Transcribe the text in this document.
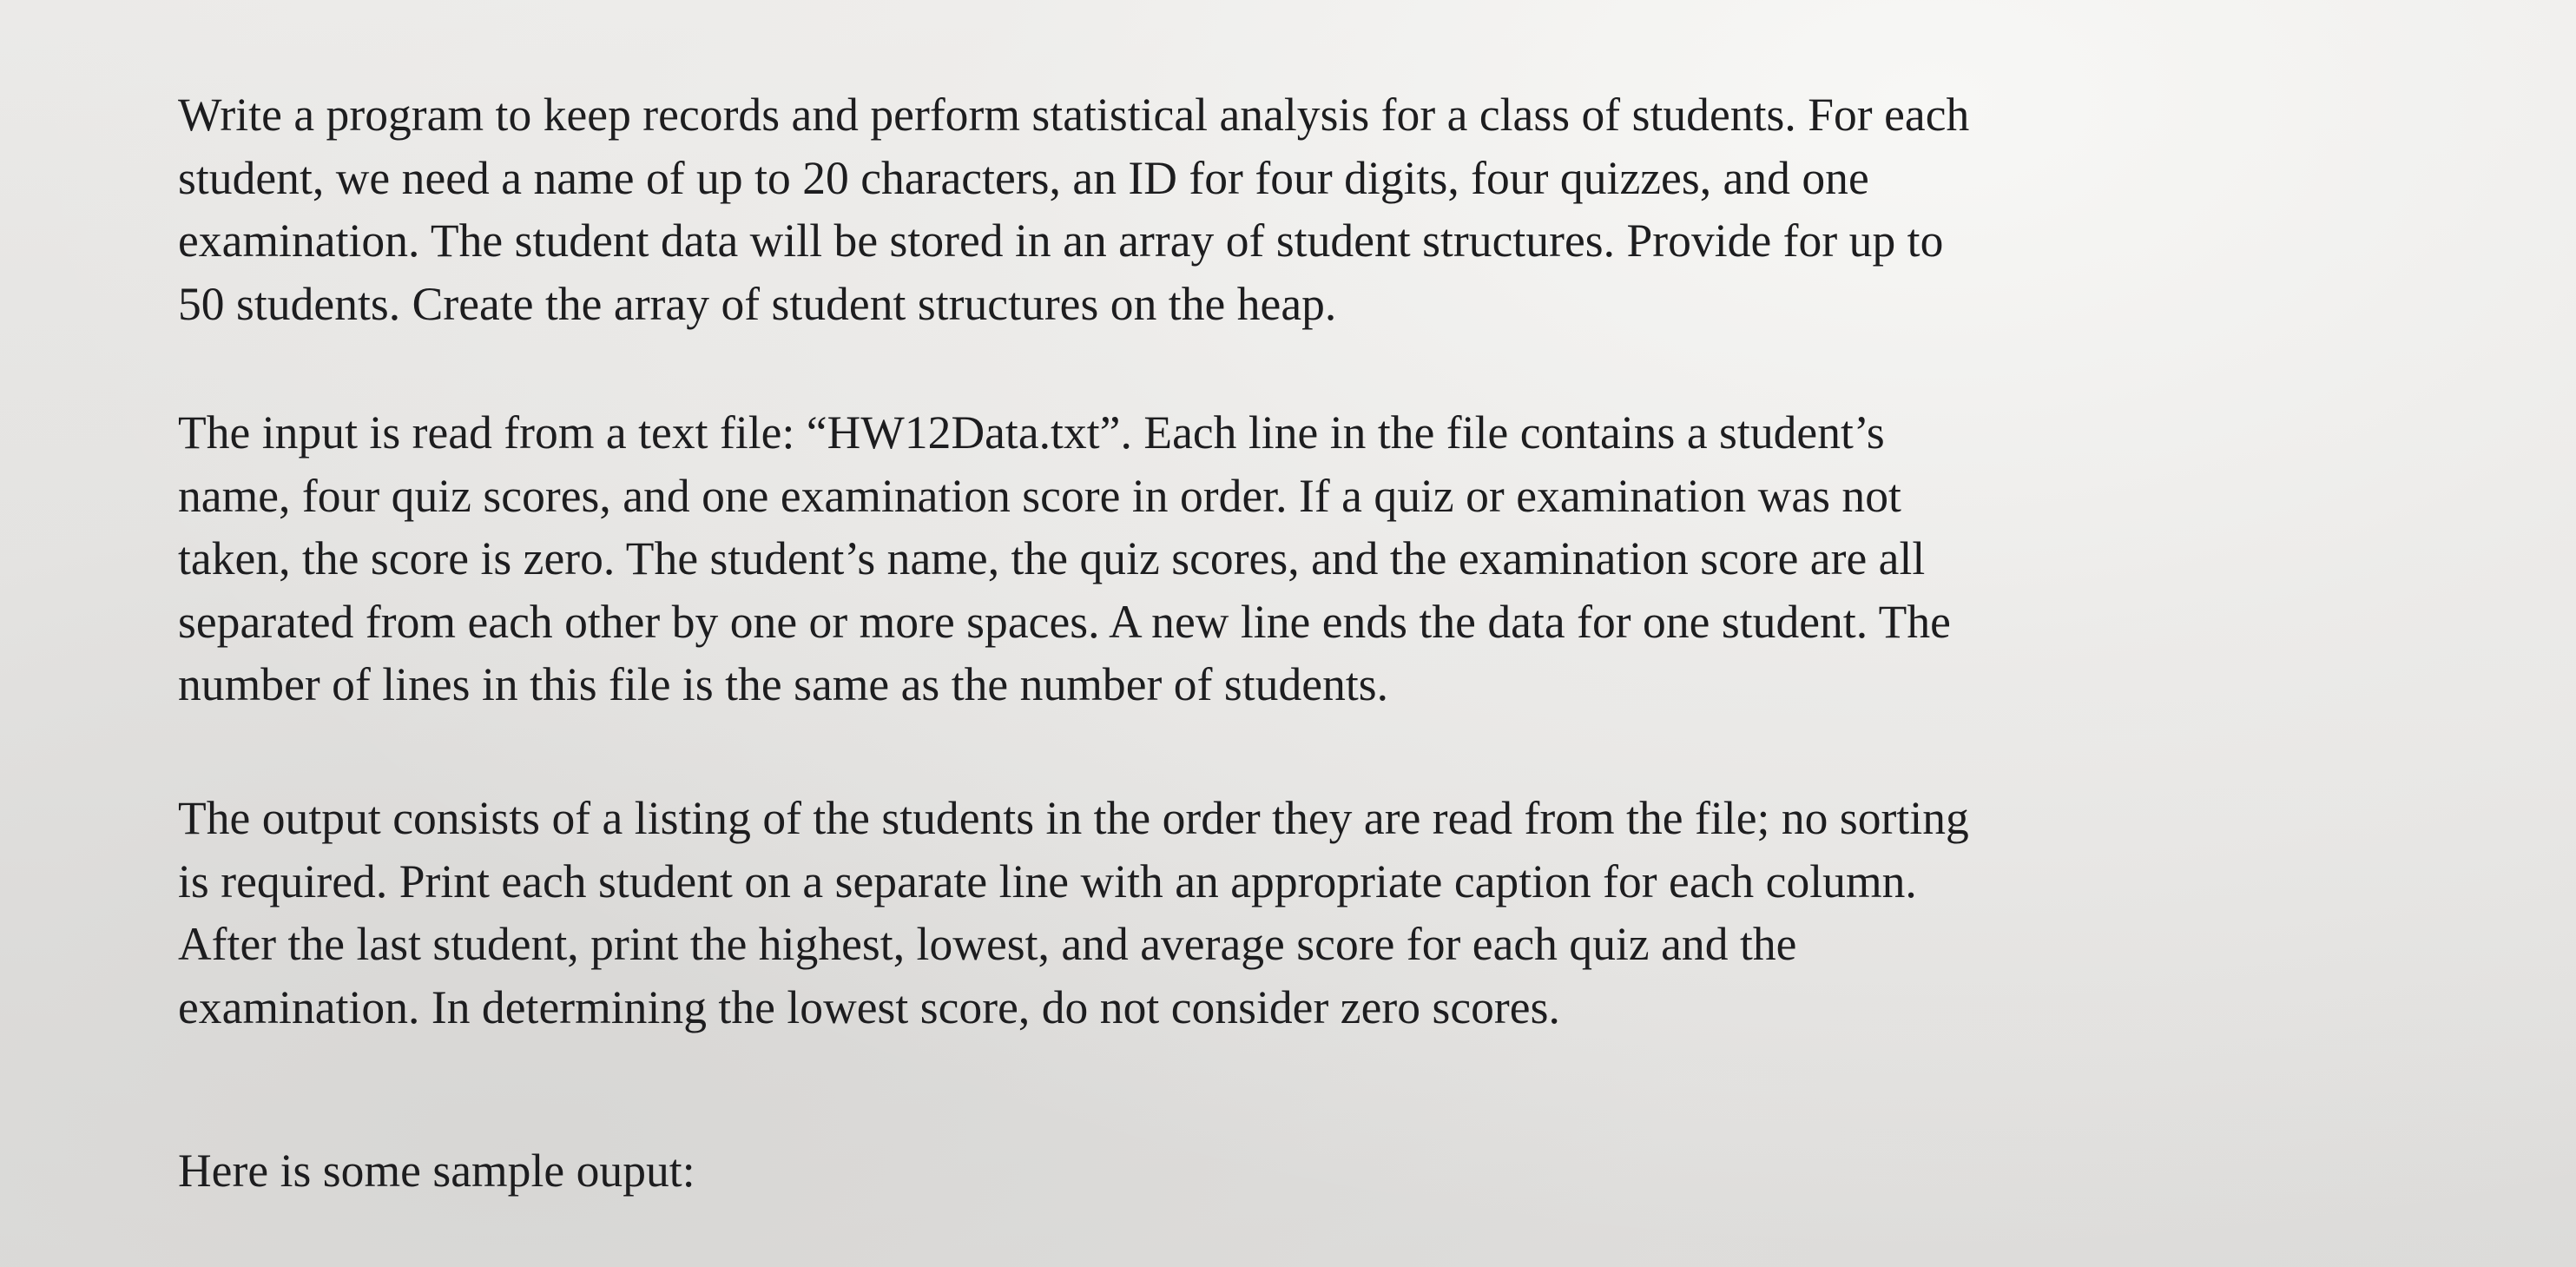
Write a program to keep records and perform statistical analysis for a class of students. For each
student, we need a name of up to 20 characters, an ID for four digits, four quizzes, and one
examination. The student data will be stored in an array of student structures. Provide for up to
50 students. Create the array of student structures on the heap.

The input is read from a text file: “HW12Data.txt”. Each line in the file contains a student’s
name, four quiz scores, and one examination score in order. If a quiz or examination was not
taken, the score is zero. The student’s name, the quiz scores, and the examination score are all
separated from each other by one or more spaces. A new line ends the data for one student. The
number of lines in this file is the same as the number of students.

The output consists of a listing of the students in the order they are read from the file; no sorting
is required. Print each student on a separate line with an appropriate caption for each column.
After the last student, print the highest, lowest, and average score for each quiz and the
examination. In determining the lowest score, do not consider zero scores.

Here is some sample ouput:
